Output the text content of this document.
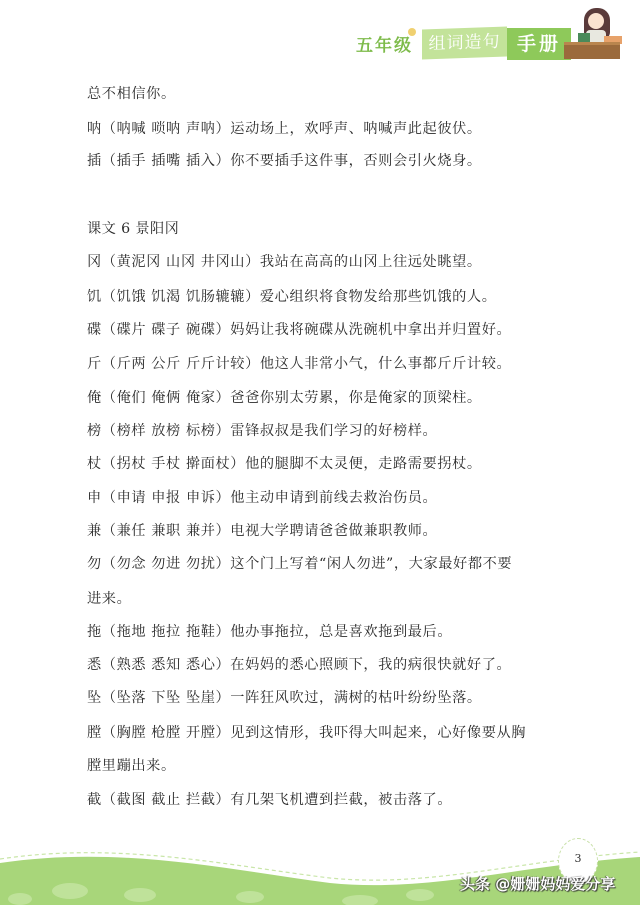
五年级 组词造句 手册
总不相信你。
呐（呐喊 唢呐 声呐）运动场上，欢呼声、呐喊声此起彼伏。
插（插手 插嘴 插入）你不要插手这件事，否则会引火烧身。
课文 6 景阳冈
冈（黄泥冈 山冈 井冈山）我站在高高的山冈上往远处眺望。
饥（饥饿 饥渴 饥肠辘辘）爱心组织将食物发给那些饥饿的人。
碟（碟片 碟子 碗碟）妈妈让我将碗碟从洗碗机中拿出并归置好。
斤（斤两 公斤 斤斤计较）他这人非常小气，什么事都斤斤计较。
俺（俺们 俺俩 俺家）爸爸你别太劳累，你是俺家的顶梁柱。
榜（榜样 放榜 标榜）雷锋叔叔是我们学习的好榜样。
杖（拐杖 手杖 擀面杖）他的腿脚不太灵便，走路需要拐杖。
申（申请 申报 申诉）他主动申请到前线去救治伤员。
兼（兼任 兼职 兼并）电视大学聘请爸爸做兼职教师。
勿（勿念 勿进 勿扰）这个门上写着“闲人勿进”，大家最好都不要
进来。
拖（拖地 拖拉 拖鞋）他办事拖拉，总是喜欢拖到最后。
悉（熟悉 悉知 悉心）在妈妈的悉心照顾下，我的病很快就好了。
坠（坠落 下坠 坠崖）一阵狂风吹过，满树的枯叶纷纷坠落。
膛（胸膛 枪膛 开膛）见到这情形，我吓得大叫起来，心好像要从胸
膛里蹦出来。
截（截图 截止 拦截）有几架飞机遭到拦截，被击落了。
3
头条 @姗姗妈妈爱分享
